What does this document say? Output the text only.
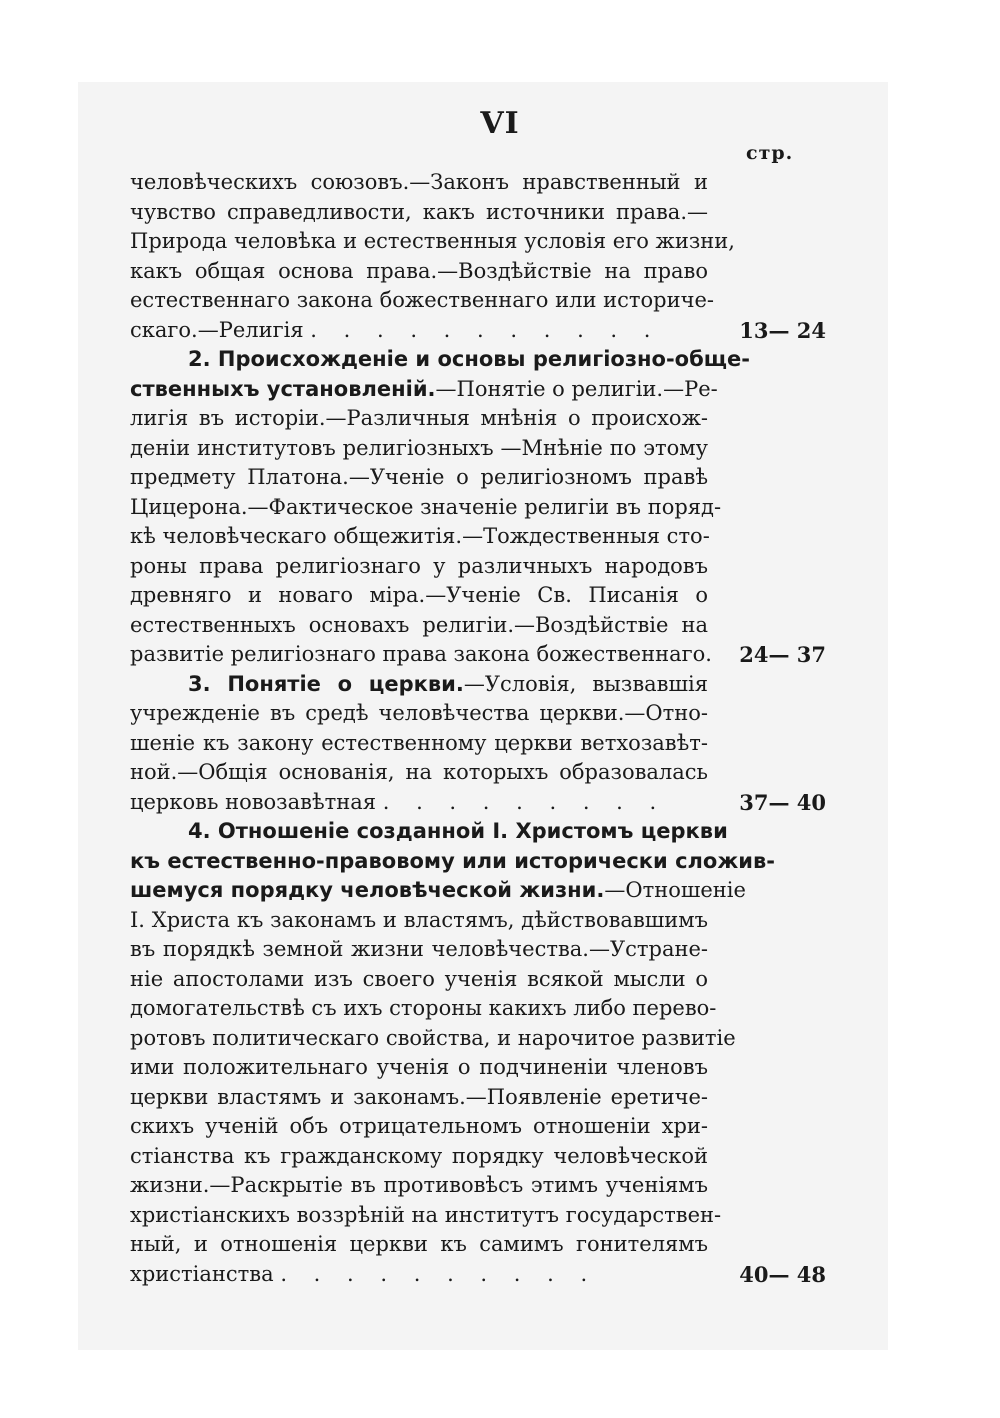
VI
стр.
человѣческихъ союзовъ.—Законъ нравственный и
чувство справедливости, какъ источники права.—
Природа человѣка и естественныя условія его жизни,
какъ общая основа права.—Воздѣйствіе на право
естественнаго закона божественнаго или историче-
скаго.—Религія . . . . . . . . . . .	13— 24
2. Происхожденіе и основы религіозно-обще-
ственныхъ установленій.—Понятіе о религіи.—Ре-
лигія въ исторіи.—Различныя мнѣнія о происхож-
деніи институтовъ религіозныхъ —Мнѣніе по этому
предмету Платона.—Ученіе о религіозномъ правѣ
Цицерона.—Фактическое значеніе религіи въ поряд-
кѣ человѣческаго общежитія.—Тождественныя сто-
роны права религіознаго у различныхъ народовъ
древняго и новаго міра.—Ученіе Св. Писанія о
естественныхъ основахъ религіи.—Воздѣйствіе на
развитіе религіознаго права закона божественнаго.	24— 37
3. Понятіе о церкви.—Условія, вызвавшія
учрежденіе въ средѣ человѣчества церкви.—Отно-
шеніе къ закону естественному церкви ветхозавѣт-
ной.—Общія основанія, на которыхъ образовалась
церковь новозавѣтная . . . . . . . . .	37— 40
4. Отношеніе созданной І. Христомъ церкви
къ естественно-правовому или исторически сложив-
шемуся порядку человѣческой жизни.—Отношеніе
І. Христа къ законамъ и властямъ, дѣйствовавшимъ
въ порядкѣ земной жизни человѣчества.—Устране-
ніе апостолами изъ своего ученія всякой мысли о
домогательствѣ съ ихъ стороны какихъ либо перево-
ротовъ политическаго свойства, и нарочитое развитіе
ими положительнаго ученія о подчиненіи членовъ
церкви властямъ и законамъ.—Появленіе еретиче-
скихъ ученій объ отрицательномъ отношеніи хри-
стіанства къ гражданскому порядку человѣческой
жизни.—Раскрытіе въ противовѣсъ этимъ ученіямъ
христіанскихъ воззрѣній на институтъ государствен-
ный, и отношенія церкви къ самимъ гонителямъ
христіанства . . . . . . . . . .	40— 48
